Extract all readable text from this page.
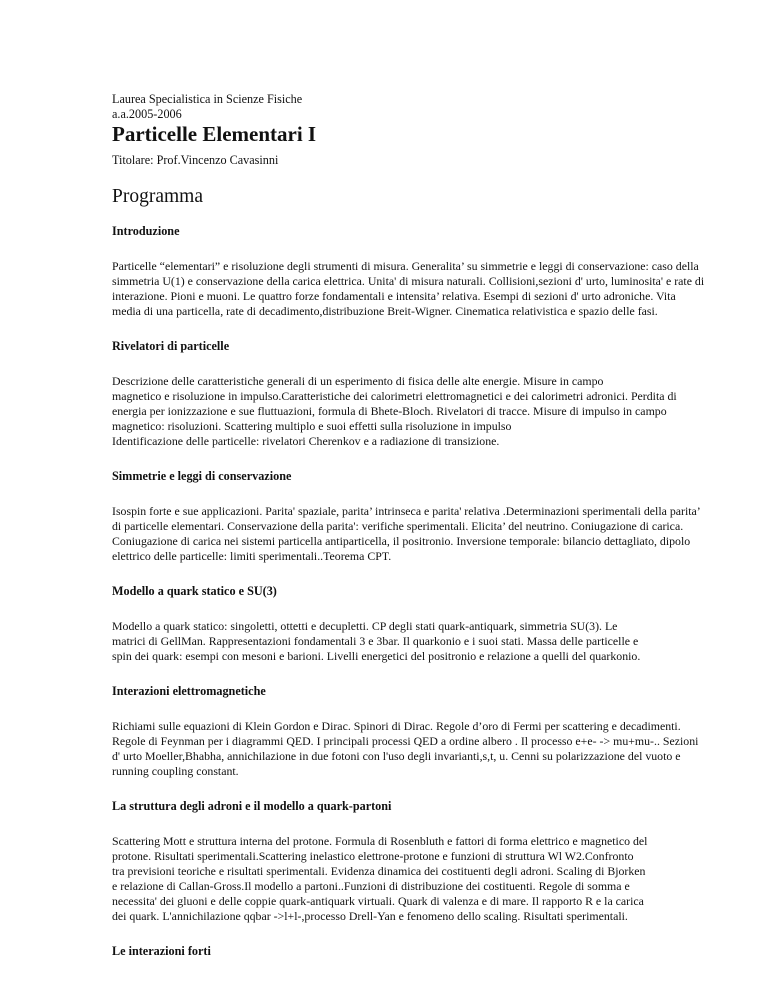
Laurea Specialistica in Scienze Fisiche

a.a.2005-2006

Particelle Elementari I

Titolare: Prof.Vincenzo Cavasinni

Programma
Introduzione

Particelle “elementari” e risoluzione degli strumenti di misura. Generalita’ su simmetrie e leggi di conservazione: caso della

simmetria U(1) e conservazione della carica elettrica. Unita' di misura naturali. Collisioni,sezioni d' urto, luminosita' e rate di

interazione. Pioni e muoni. Le quattro forze fondamentali e intensita’ relativa. Esempi di sezioni d' urto adroniche. Vita

media di una particella, rate di decadimento,distribuzione Breit-Wigner. Cinematica relativistica e spazio delle fasi.

Rivelatori di particelle

Descrizione delle caratteristiche generali di un esperimento di fisica delle alte energie. Misure in campo

magnetico e risoluzione in impulso.Caratteristiche dei calorimetri elettromagnetici e dei calorimetri adronici. Perdita di

energia per ionizzazione e sue fluttuazioni, formula di Bhete-Bloch. Rivelatori di tracce. Misure di impulso in campo

magnetico: risoluzioni. Scattering multiplo e suoi effetti sulla risoluzione in impulso

Identificazione delle particelle: rivelatori Cherenkov e a radiazione di transizione.

Simmetrie e leggi di conservazione

Isospin forte e sue applicazioni. Parita' spaziale, parita’ intrinseca e parita' relativa .Determinazioni sperimentali della parita’

di particelle elementari. Conservazione della parita': verifiche sperimentali. Elicita’ del neutrino. Coniugazione di carica.

Coniugazione di carica nei sistemi particella antiparticella, il positronio. Inversione temporale: bilancio dettagliato, dipolo

elettrico delle particelle: limiti sperimentali..Teorema CPT.

Modello a quark statico e SU(3)

Modello a quark statico: singoletti, ottetti e decupletti. CP degli stati quark-antiquark, simmetria SU(3). Le

matrici di GellMan. Rappresentazioni fondamentali 3 e 3bar. Il quarkonio e i suoi stati. Massa delle particelle e

spin dei quark: esempi con mesoni e barioni. Livelli energetici del positronio e relazione a quelli del quarkonio.

Interazioni elettromagnetiche

Richiami sulle equazioni di Klein Gordon e Dirac. Spinori di Dirac. Regole d’oro di Fermi per scattering e decadimenti.

Regole di Feynman per i diagrammi QED. I principali processi QED a ordine albero . Il processo e+e- -> mu+mu-.. Sezioni

d' urto Moeller,Bhabha, annichilazione in due fotoni con l'uso degli invarianti,s,t, u. Cenni su polarizzazione del vuoto e

running coupling constant.

La struttura degli adroni e il modello a quark-partoni

Scattering Mott e struttura interna del protone. Formula di Rosenbluth e fattori di forma elettrico e magnetico del

protone. Risultati sperimentali.Scattering inelastico elettrone-protone e funzioni di struttura Wl W2.Confronto

tra previsioni teoriche e risultati sperimentali. Evidenza dinamica dei costituenti degli adroni. Scaling di Bjorken

e relazione di Callan-Gross.Il modello a partoni..Funzioni di distribuzione dei costituenti. Regole di somma e

necessita' dei gluoni e delle coppie quark-antiquark virtuali. Quark di valenza e di mare. Il rapporto R e la carica

dei quark. L'annichilazione qqbar ->l+l-,processo Drell-Yan e fenomeno dello scaling. Risultati sperimentali.

Le interazioni forti
